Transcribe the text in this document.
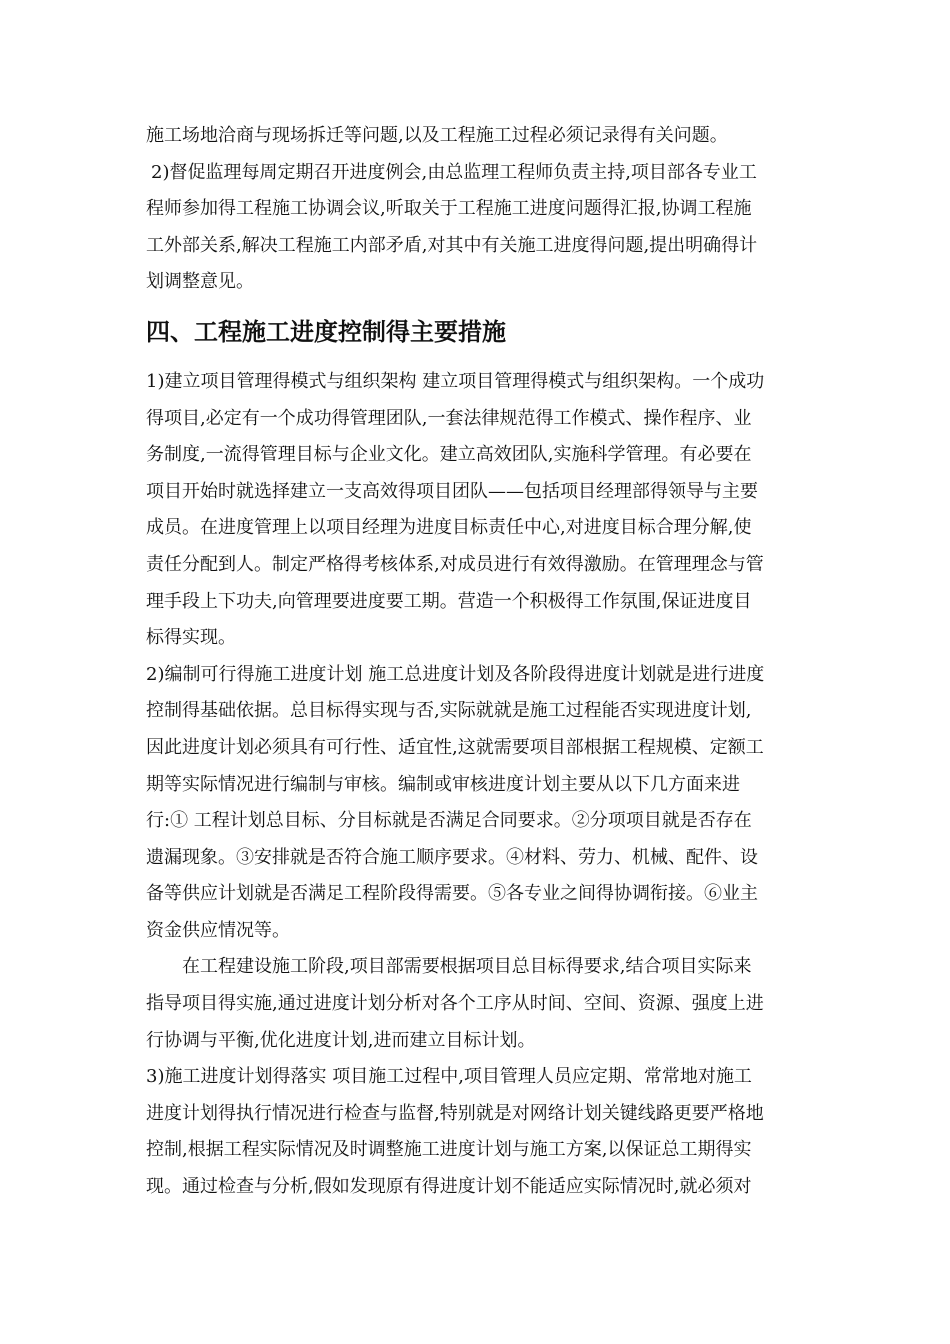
施工场地洽商与现场拆迁等问题,以及工程施工过程必须记录得有关问题。

2)督促监理每周定期召开进度例会,由总监理工程师负责主持,项目部各专业工

程师参加得工程施工协调会议,听取关于工程施工进度问题得汇报,协调工程施
工外部关系,解决工程施工内部矛盾,对其中有关施工进度得问题,提出明确得计
划调整意见。

四、工程施工进度控制得主要措施

1)建立项目管理得模式与组织架构 建立项目管理得模式与组织架构。一个成功
得项目,必定有一个成功得管理团队,一套法律规范得工作模式、操作程序、业
务制度,一流得管理目标与企业文化。建立高效团队,实施科学管理。有必要在
项目开始时就选择建立一支高效得项目团队——包括项目经理部得领导与主要
成员。在进度管理上以项目经理为进度目标责任中心,对进度目标合理分解,使
责任分配到人。制定严格得考核体系,对成员进行有效得激励。在管理理念与管
理手段上下功夫,向管理要进度要工期。营造一个积极得工作氛围,保证进度目
标得实现。

2)编制可行得施工进度计划 施工总进度计划及各阶段得进度计划就是进行进度
控制得基础依据。总目标得实现与否,实际就就是施工过程能否实现进度计划,
因此进度计划必须具有可行性、适宜性,这就需要项目部根据工程规模、定额工
期等实际情况进行编制与审核。编制或审核进度计划主要从以下几方面来进
行:① 工程计划总目标、分目标就是否满足合同要求。②分项项目就是否存在
遗漏现象。③安排就是否符合施工顺序要求。④材料、劳力、机械、配件、设
备等供应计划就是否满足工程阶段得需要。⑤各专业之间得协调衔接。⑥业主
资金供应情况等。

在工程建设施工阶段,项目部需要根据项目总目标得要求,结合项目实际来
指导项目得实施,通过进度计划分析对各个工序从时间、空间、资源、强度上进
行协调与平衡,优化进度计划,进而建立目标计划。

3)施工进度计划得落实 项目施工过程中,项目管理人员应定期、常常地对施工
进度计划得执行情况进行检查与监督,特别就是对网络计划关键线路更要严格地
控制,根据工程实际情况及时调整施工进度计划与施工方案,以保证总工期得实
现。通过检查与分析,假如发现原有得进度计划不能适应实际情况时,就必须对
